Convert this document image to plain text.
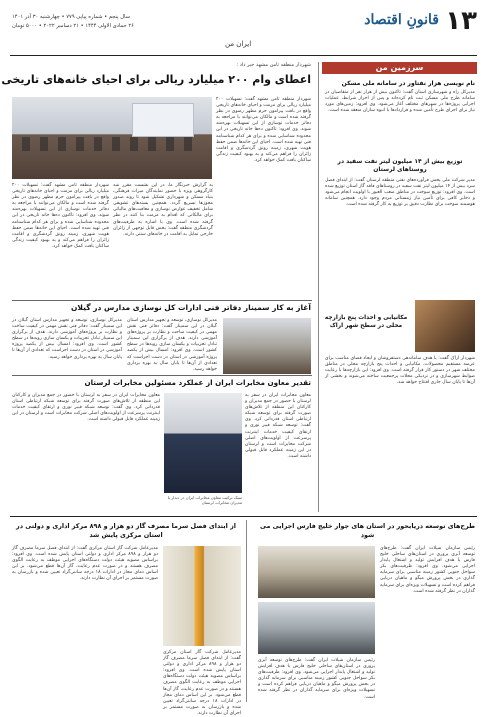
۱۳
قانونِ اقتصاد
ایران من
سال پنجم • شماره پیاپی ۷۷۹ • چهارشنبه ۳۰ آذر ۱۴۰۱
۲۶ جمادی الاولی ۱۴۴۴ • ۲۱ دسامبر ۲۰۲۲ • ۵۰۰۰ تومان
سرزمین من
نام نویسی هزار نفتاور در سامانه ملی مسکن
مدیرکل راه و شهرسازی استان گفت: تاکنون بیش از هزار نفر از متقاضیان در سامانه طرح ملی مسکن ثبت نام کرده‌اند و پس از احراز شرایط، عملیات اجرایی پروژه‌ها در شهرهای مختلف آغاز می‌شود. وی افزود: زمین‌های مورد نیاز برای اجرای طرح تأمین شده و قراردادها با انبوه سازان منعقد شده است.
توزیع بیش از ۱۴ میلیون لیتر نفت سفید در روستاهای لرستان
مدیر شرکت ملی پخش فرآورده‌های نفتی منطقه لرستان گفت: از ابتدای فصل سرد بیش از ۱۴ میلیون لیتر نفت سفید در روستاهای فاقد گاز استان توزیع شده است. وی افزود: توزیع سوخت در مناطق صعب العبور با اولویت انجام می‌شود و ذخایر کافی برای تأمین نیاز زمستانی مردم وجود دارد. همچنین سامانه هوشمند سوخت برای نظارت دقیق بر توزیع به کار گرفته شده است.
مکانیابی و احداث پنج بازارچه محلی در سطح شهر اراک
شهردار اراک گفت: با هدف ساماندهی دستفروشان و ایجاد فضای مناسب برای عرضه مستقیم محصولات، مکانیابی و احداث پنج بازارچه محلی در مناطق مختلف شهر در دستور کار قرار گرفته است. وی افزود: این بازارچه‌ها با رعایت ضوابط شهرسازی و در نزدیکی محلات پرجمعیت ساخته می‌شوند و بخشی از آن‌ها تا پایان سال جاری افتتاح خواهد شد.
شهردار منطقه ثامن مشهد خبر داد :
اعطای وام ۲۰۰ میلیارد ریالی برای احیای خانه‌های تاریخی
شهردار منطقه ثامن مشهد گفت: تسهیلات ۲۰۰ میلیارد ریالی برای مرمت و احیای خانه‌های تاریخی واقع در بافت پیرامون حرم مطهر رضوی در نظر گرفته شده است و مالکان می‌توانند با مراجعه به دفاتر خدمات نوسازی از این تسهیلات بهره‌مند شوند. وی افزود: تاکنون ده‌ها خانه تاریخی در این محدوده شناسایی شده و برای هر کدام شناسنامه فنی تهیه شده است. احیای این خانه‌ها ضمن حفظ هویت شهری، زمینه رونق گردشگری و اقامت زائران را فراهم می‌کند و به بهبود کیفیت زندگی ساکنان بافت کمک خواهد کرد.
به گزارش خبرنگار ما، در این نشست مقرر شد کارگروهی ویژه با حضور نمایندگان میراث فرهنگی، بنیاد مسکن و شهرداری تشکیل شود تا روند صدور مجوزها تسریع گردد. همچنین بسته‌های تشویقی شامل تخفیف عوارض نوسازی و معافیت‌های مالیاتی برای مالکانی که اقدام به مرمت بنا کنند در نظر گرفته شده است. وی با اشاره به ظرفیت‌های گردشگری منطقه گفت: بخش قابل توجهی از زائران خارجی تمایل به اقامت در خانه‌های سنتی دارند.
شهردار منطقه ثامن مشهد گفت: تسهیلات ۲۰۰ میلیارد ریالی برای مرمت و احیای خانه‌های تاریخی واقع در بافت پیرامون حرم مطهر رضوی در نظر گرفته شده است و مالکان می‌توانند با مراجعه به دفاتر خدمات نوسازی از این تسهیلات بهره‌مند شوند. وی افزود: تاکنون ده‌ها خانه تاریخی در این محدوده شناسایی شده و برای هر کدام شناسنامه فنی تهیه شده است. احیای این خانه‌ها ضمن حفظ هویت شهری، زمینه رونق گردشگری و اقامت زائران را فراهم می‌کند و به بهبود کیفیت زندگی ساکنان بافت کمک خواهد کرد.
آغاز به کار سمینار دفاتر فنی ادارات کل نوسازی مدارس در گیلان
مدیرکل نوسازی، توسعه و تجهیز مدارس استان گیلان در این سمینار گفت: دفاتر فنی نقش مهمی در کیفیت ساخت و نظارت بر پروژه‌های آموزشی دارند. هدف از برگزاری این سمینار تبادل تجربیات و یکسان سازی رویه‌ها در سطح کشور است. وی افزود: امسال بیش از یکصد پروژه آموزشی در استان در دست اجراست که تعدادی از آن‌ها تا پایان سال به بهره برداری خواهد رسید.
مدیرکل نوسازی، توسعه و تجهیز مدارس استان گیلان در این سمینار گفت: دفاتر فنی نقش مهمی در کیفیت ساخت و نظارت بر پروژه‌های آموزشی دارند. هدف از برگزاری این سمینار تبادل تجربیات و یکسان سازی رویه‌ها در سطح کشور است. وی افزود: امسال بیش از یکصد پروژه آموزشی در استان در دست اجراست که تعدادی از آن‌ها تا پایان سال به بهره برداری خواهد رسید.
تقدیر معاون مخابرات ایران از عملکرد مسئولین مخابرات لرستان
سبک ترکیب معاون مخابرات ایران در دیدار با مدیران مخابرات لرستان
معاون مخابرات ایران در سفر به لرستان با حضور در جمع مدیران و کارکنان این منطقه از تلاش‌های صورت گرفته برای توسعه شبکه ارتباطی استان قدردانی کرد. وی گفت: توسعه شبکه فیبر نوری و ارتقای کیفیت خدمات اینترنت پرسرعت از اولویت‌های اصلی شرکت مخابرات است و لرستان در این زمینه عملکرد قابل قبولی داشته است.
معاون مخابرات ایران در سفر به لرستان با حضور در جمع مدیران و کارکنان این منطقه از تلاش‌های صورت گرفته برای توسعه شبکه ارتباطی استان قدردانی کرد. وی گفت: توسعه شبکه فیبر نوری و ارتقای کیفیت خدمات اینترنت پرسرعت از اولویت‌های اصلی شرکت مخابرات است و لرستان در این زمینه عملکرد قابل قبولی داشته است.
طرح‌های توسعه دریابحور در استان های جوار خلیج فارس اجرایی می شود
رئیس سازمان شیلات ایران گفت: طرح‌های توسعه آبزی پروری در استان‌های ساحلی خلیج فارس با هدف افزایش تولید و اشتغال پایدار اجرایی می‌شود. وی افزود: ظرفیت‌های بکر سواحل جنوبی کشور زمینه مناسبی برای سرمایه گذاری در بخش پرورش میگو و ماهیان دریایی فراهم کرده است و تسهیلات ویژه‌ای برای سرمایه گذاران در نظر گرفته شده است.
رئیس سازمان شیلات ایران گفت: طرح‌های توسعه آبزی پروری در استان‌های ساحلی خلیج فارس با هدف افزایش تولید و اشتغال پایدار اجرایی می‌شود. وی افزود: ظرفیت‌های بکر سواحل جنوبی کشور زمینه مناسبی برای سرمایه گذاری در بخش پرورش میگو و ماهیان دریایی فراهم کرده است و تسهیلات ویژه‌ای برای سرمایه گذاران در نظر گرفته شده است.
از ابتدای فصل سرما مصرف گاز دو هزار و ۸۹۸ مرکز اداری و دولتی در استان مرکزی پایش شد
مدیرعامل شرکت گاز استان مرکزی گفت: از ابتدای فصل سرما مصرف گاز دو هزار و ۸۹۸ مرکز اداری و دولتی استان پایش شده است. وی افزود: براساس مصوبه هیئت دولت دستگاه‌های اجرایی موظف به رعایت الگوی مصرف هستند و در صورت عدم رعایت، گاز آن‌ها قطع می‌شود. بر این اساس دمای مجاز در ادارات ۱۸ درجه سانتی‌گراد تعیین شده و بازرسان به صورت مستمر بر اجرای آن نظارت دارند.
مدیرعامل شرکت گاز استان مرکزی گفت: از ابتدای فصل سرما مصرف گاز دو هزار و ۸۹۸ مرکز اداری و دولتی استان پایش شده است. وی افزود: براساس مصوبه هیئت دولت دستگاه‌های اجرایی موظف به رعایت الگوی مصرف هستند و در صورت عدم رعایت، گاز آن‌ها قطع می‌شود. بر این اساس دمای مجاز در ادارات ۱۸ درجه سانتی‌گراد تعیین شده و بازرسان به صورت مستمر بر اجرای آن نظارت دارند.
